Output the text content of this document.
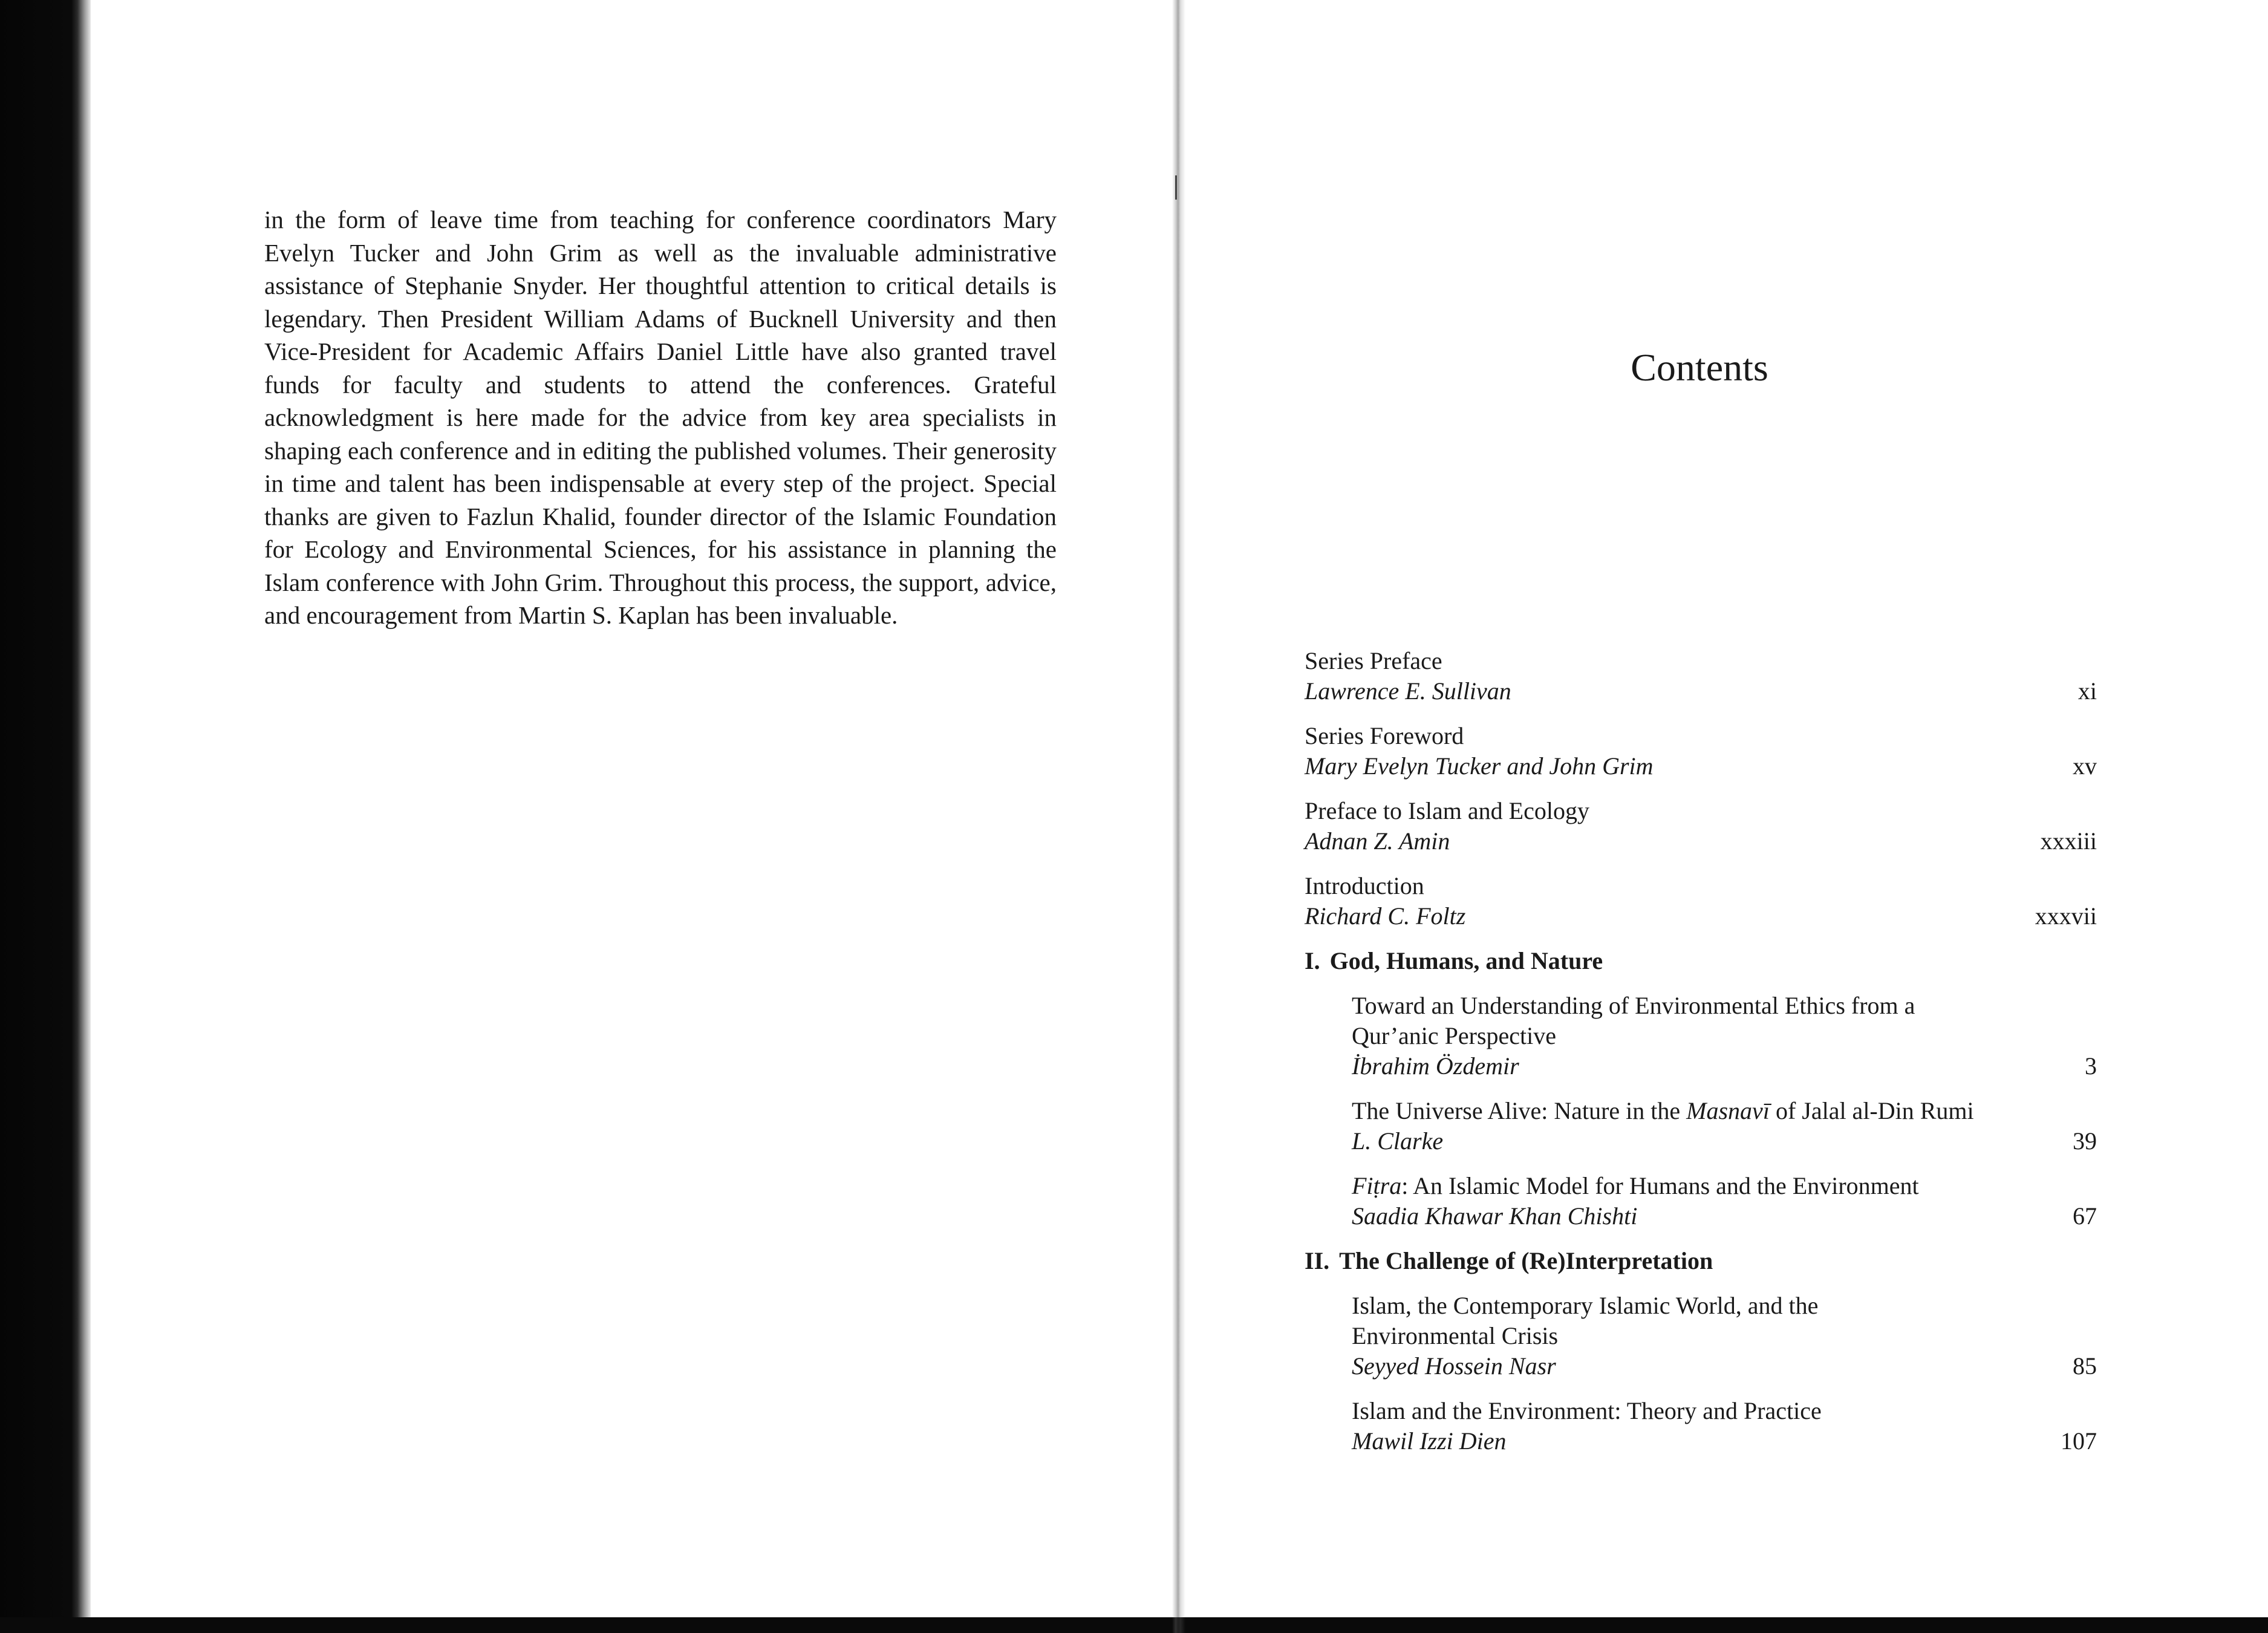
in the form of leave time from teaching for conference coordinators Mary Evelyn Tucker and John Grim as well as the invaluable administrative assistance of Stephanie Snyder. Her thoughtful attention to critical details is legendary. Then President William Adams of Bucknell University and then Vice-President for Academic Affairs Daniel Little have also granted travel funds for faculty and students to attend the conferences. Grateful acknowledgment is here made for the advice from key area specialists in shaping each conference and in editing the published volumes. Their generosity in time and talent has been indispensable at every step of the project. Special thanks are given to Fazlun Khalid, founder director of the Islamic Foundation for Ecology and Environmental Sciences, for his assistance in planning the Islam conference with John Grim. Throughout this process, the support, advice, and encouragement from Martin S. Kaplan has been invaluable.

Contents
Series Preface
Lawrence E. Sullivan	xi
Series Foreword
Mary Evelyn Tucker and John Grim	xv
Preface to Islam and Ecology
Adnan Z. Amin	xxxiii
Introduction
Richard C. Foltz	xxxvii
I. God, Humans, and Nature
Toward an Understanding of Environmental Ethics from a Qur’anic Perspective
İbrahim Özdemir	3
The Universe Alive: Nature in the Masnavī of Jalal al-Din Rumi
L. Clarke	39
Fiṭra: An Islamic Model for Humans and the Environment
Saadia Khawar Khan Chishti	67
II. The Challenge of (Re)Interpretation
Islam, the Contemporary Islamic World, and the Environmental Crisis
Seyyed Hossein Nasr	85
Islam and the Environment: Theory and Practice
Mawil Izzi Dien	107
